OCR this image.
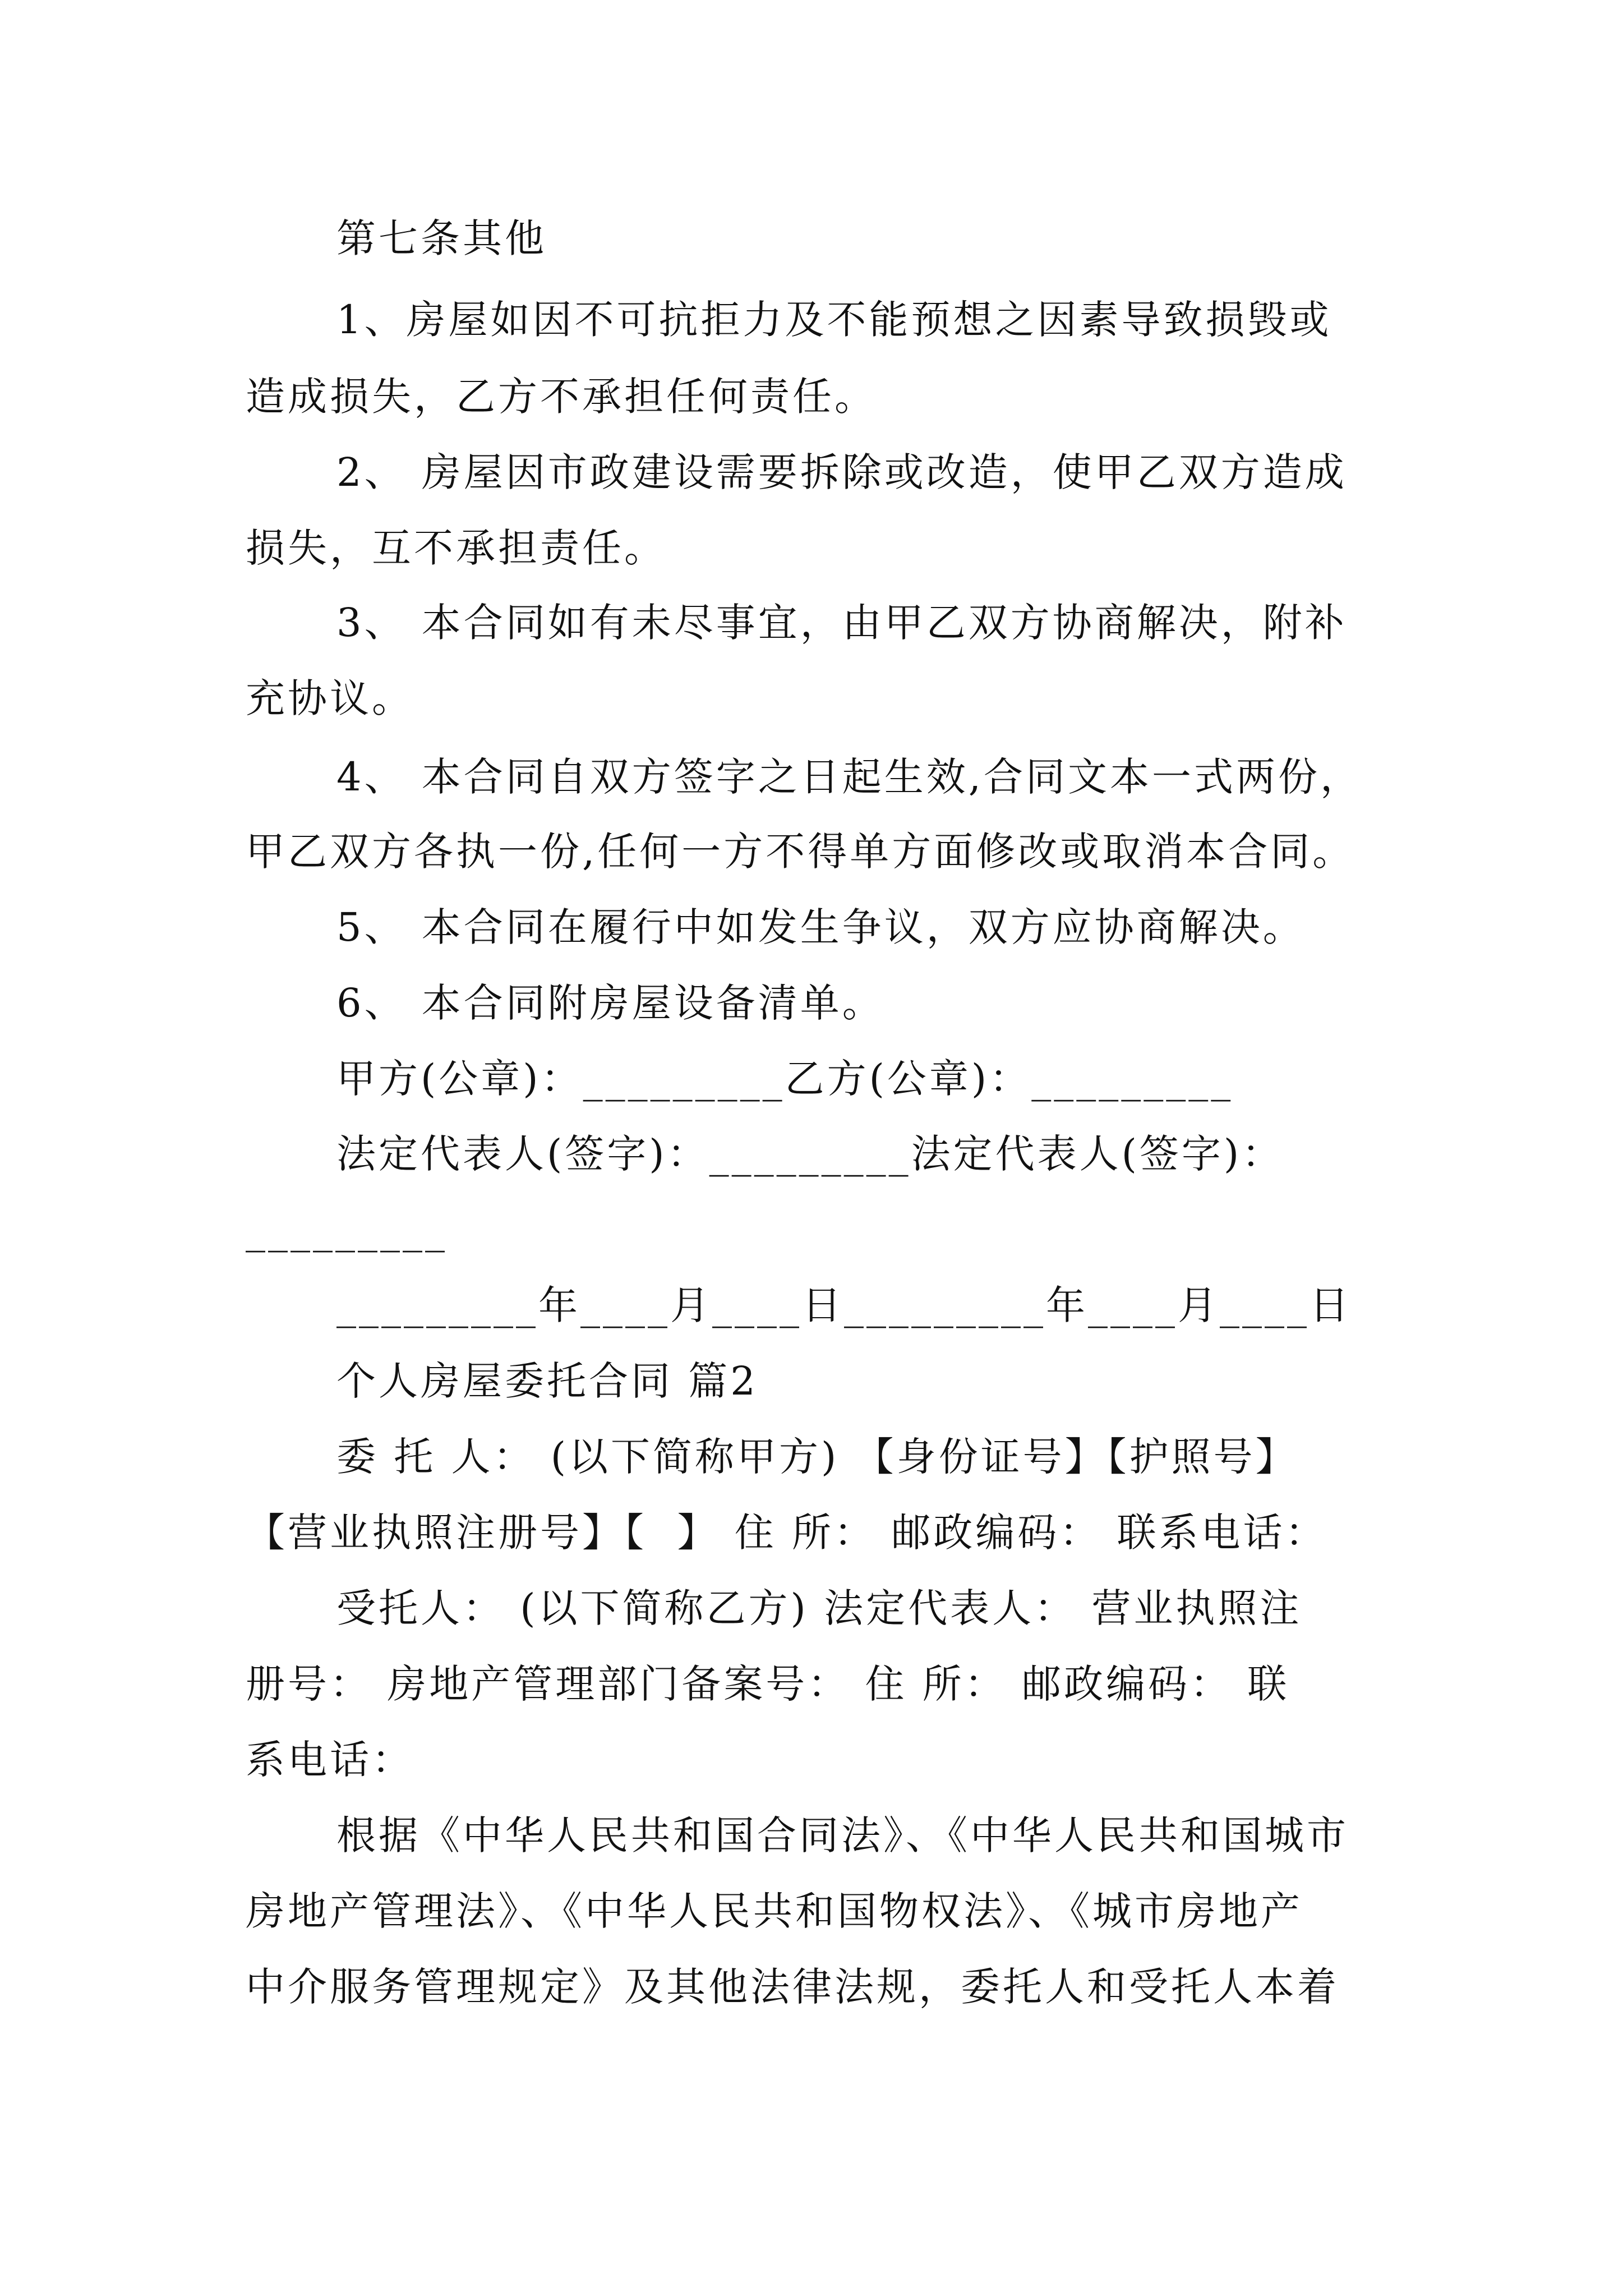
第七条其他

1、房屋如因不可抗拒力及不能预想之因素导致损毁或

造成损失，乙方不承担任何责任。

2、 房屋因市政建设需要拆除或改造，使甲乙双方造成

损失，互不承担责任。

3、 本合同如有未尽事宜，由甲乙双方协商解决，附补

充协议。

4、 本合同自双方签字之日起生效,合同文本一式两份，

甲乙双方各执一份,任何一方不得单方面修改或取消本合同。

5、 本合同在履行中如发生争议，双方应协商解决。

6、 本合同附房屋设备清单。

甲方(公章)：_________乙方(公章)：_________

法定代表人(签字)：_________法定代表人(签字)：

_________

_________年____月____日_________年____月____日

个人房屋委托合同 篇2

委 托 人： (以下简称甲方) 【身份证号】【护照号】

【营业执照注册号】【  】 住 所： 邮政编码： 联系电话：

受托人： (以下简称乙方) 法定代表人： 营业执照注

册号： 房地产管理部门备案号： 住 所： 邮政编码： 联

系电话：

根据《中华人民共和国合同法》、《中华人民共和国城市

房地产管理法》、《中华人民共和国物权法》、《城市房地产

中介服务管理规定》及其他法律法规，委托人和受托人本着
